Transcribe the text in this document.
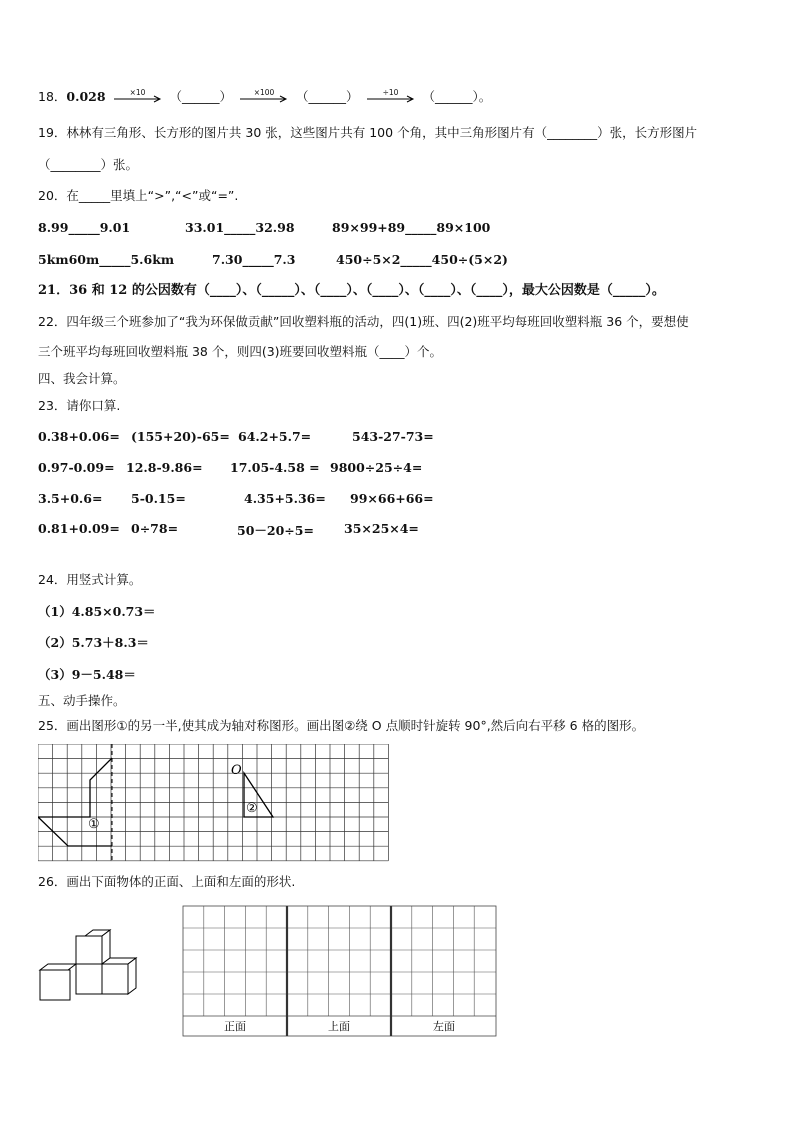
18．0.028	×10	（______）	×100	（______）	÷10	（______）。
19．林林有三角形、长方形的图片共 30 张，这些图片共有 100 个角，其中三角形图片有（________）张，长方形图片
（________）张。
20．在_____里填上“>”,“<”或“=”.
8.99_____9.01	33.01_____32.98	89×99+89_____89×100
5km60m_____5.6km	7.30_____7.3	450÷5×2_____450÷(5×2)
21．36 和 12 的公因数有（____）、（_____）、（____）、（____）、（____）、（____），最大公因数是（_____）。
22．四年级三个班参加了“我为环保做贡献”回收塑料瓶的活动，四(1)班、四(2)班平均每班回收塑料瓶 36 个，要想使
三个班平均每班回收塑料瓶 38 个，则四(3)班要回收塑料瓶（____）个。
四、我会计算。
23．请你口算.
0.38+0.06= (155+20)-65= 64.2+5.7=	543-27-73=
0.97-0.09= 12.8-9.86= 17.05-4.58 = 9800÷25÷4=
3.5+0.6= 5-0.15=	4.35+5.36= 99×66+66=
0.81+0.09= 0÷78=	50－20÷5= 35×25×4=
24．用竖式计算。
（1）4.85×0.73＝
（2）5.73＋8.3＝
（3）9－5.48＝
五、动手操作。
25．画出图形①的另一半,使其成为轴对称图形。画出图②绕 O 点顺时针旋转 90°,然后向右平移 6 格的图形。
①
O
②
26．画出下面物体的正面、上面和左面的形状.
正面	上面	左面
